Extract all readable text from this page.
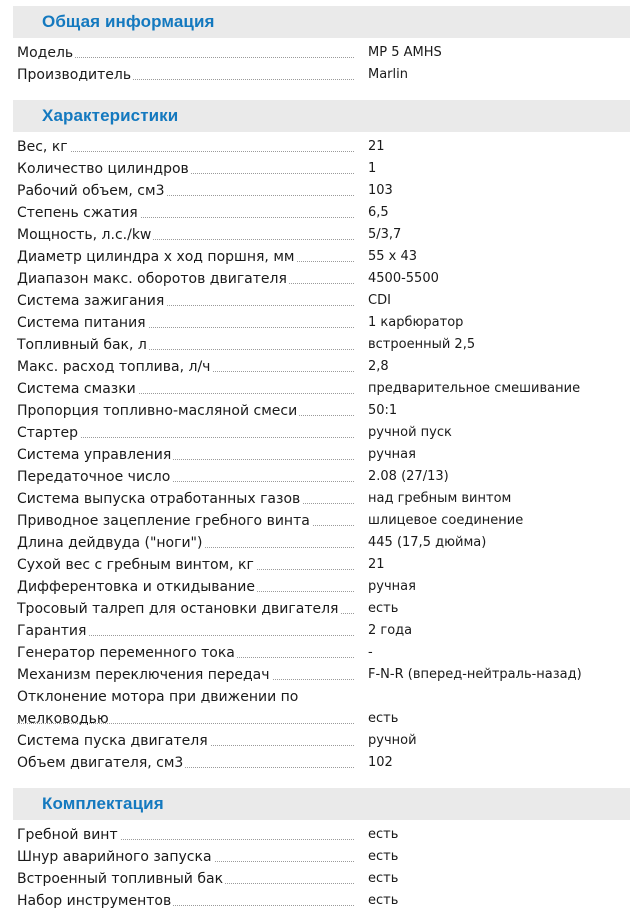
Общая информация
Модель	MP 5 AMHS
Производитель	Marlin
Характеристики
Вес, кг	21
Количество цилиндров	1
Рабочий объем, см3	103
Степень сжатия	6,5
Мощность, л.с./kw	5/3,7
Диаметр цилиндра x ход поршня, мм	55 x 43
Диапазон макс. оборотов двигателя	4500-5500
Система зажигания	CDI
Система питания	1 карбюратор
Топливный бак, л	встроенный 2,5
Макс. расход топлива, л/ч	2,8
Система смазки	предварительное смешивание
Пропорция топливно-масляной смеси	50:1
Стартер	ручной пуск
Система управления	ручная
Передаточное число	2.08 (27/13)
Система выпуска отработанных газов	над гребным винтом
Приводное зацепление гребного винта	шлицевое соединение
Длина дейдвуда ("ноги")	445 (17,5 дюйма)
Сухой вес с гребным винтом, кг	21
Дифферентовка и откидывание	ручная
Тросовый талреп для остановки двигателя	есть
Гарантия	2 года
Генератор переменного тока	-
Механизм переключения передач	F-N-R (вперед-нейтраль-назад)
Отклонение мотора при движении по мелководью	есть
Система пуска двигателя	ручной
Объем двигателя, см3	102
Комплектация
Гребной винт	есть
Шнур аварийного запуска	есть
Встроенный топливный бак	есть
Набор инструментов	есть
